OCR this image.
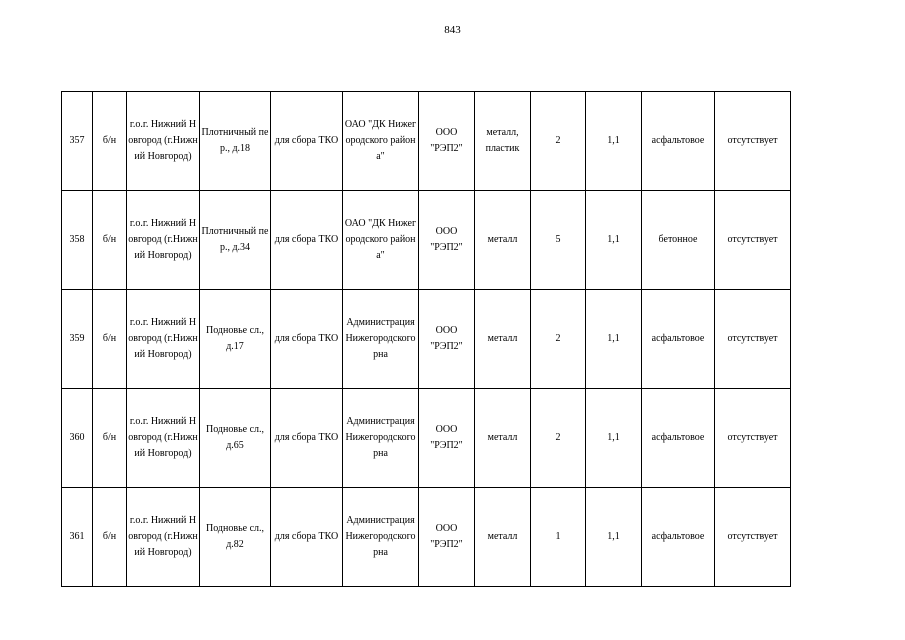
843
357	б/н	г.о.г. Нижний Новгород (г.Нижний Новгород)	Плотничный пер., д.18	для сбора ТКО	ОАО "ДК Нижегородского района"	ООО "РЭП2"	металл, пластик	2	1,1	асфальтовое	отсутствует
358	б/н	г.о.г. Нижний Новгород (г.Нижний Новгород)	Плотничный пер., д.34	для сбора ТКО	ОАО "ДК Нижегородского района"	ООО "РЭП2"	металл	5	1,1	бетонное	отсутствует
359	б/н	г.о.г. Нижний Новгород (г.Нижний Новгород)	Подновье сл., д.17	для сбора ТКО	Администрация Нижегородского рна	ООО "РЭП2"	металл	2	1,1	асфальтовое	отсутствует
360	б/н	г.о.г. Нижний Новгород (г.Нижний Новгород)	Подновье сл., д.65	для сбора ТКО	Администрация Нижегородского рна	ООО "РЭП2"	металл	2	1,1	асфальтовое	отсутствует
361	б/н	г.о.г. Нижний Новгород (г.Нижний Новгород)	Подновье сл., д.82	для сбора ТКО	Администрация Нижегородского рна	ООО "РЭП2"	металл	1	1,1	асфальтовое	отсутствует
